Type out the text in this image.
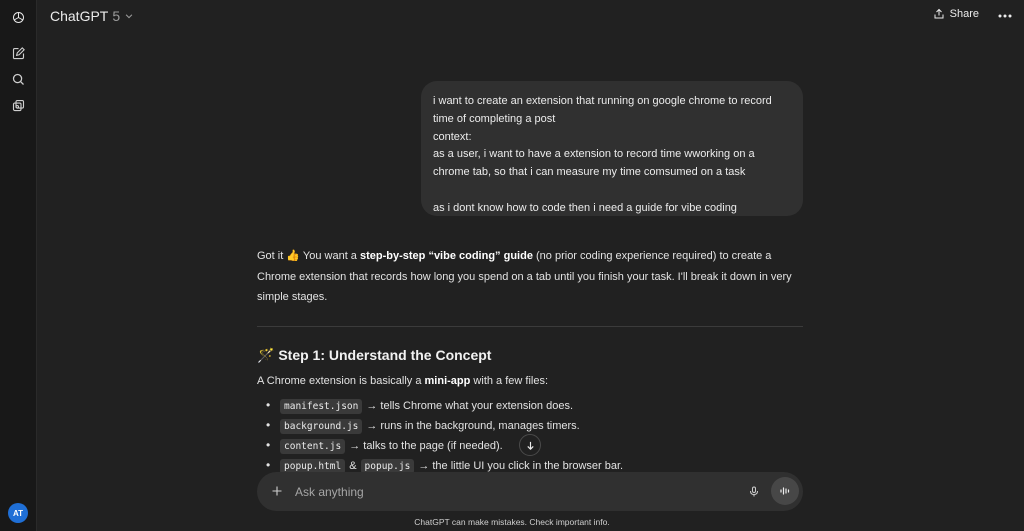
AT
ChatGPT 5	Share

i want to create an extension that running on google chrome to record
time of completing a post
context:
as a user, i want to have a extension to record time wworking on a
chrome tab, so that i can measure my time comsumed on a task

as i dont know how to code then i need a guide for vibe coding

Got it 👍 You want a step-by-step “vibe coding” guide (no prior coding experience required) to create a Chrome extension that records how long you spend on a tab until you finish your task. I'll break it down in very simple stages.

🪄 Step 1: Understand the Concept
A Chrome extension is basically a mini-app with a few files:
• manifest.json → tells Chrome what your extension does.
• background.js → runs in the background, manages timers.
• content.js → talks to the page (if needed).
• popup.html & popup.js → the little UI you click in the browser bar.
Ask anything
ChatGPT can make mistakes. Check important info.
